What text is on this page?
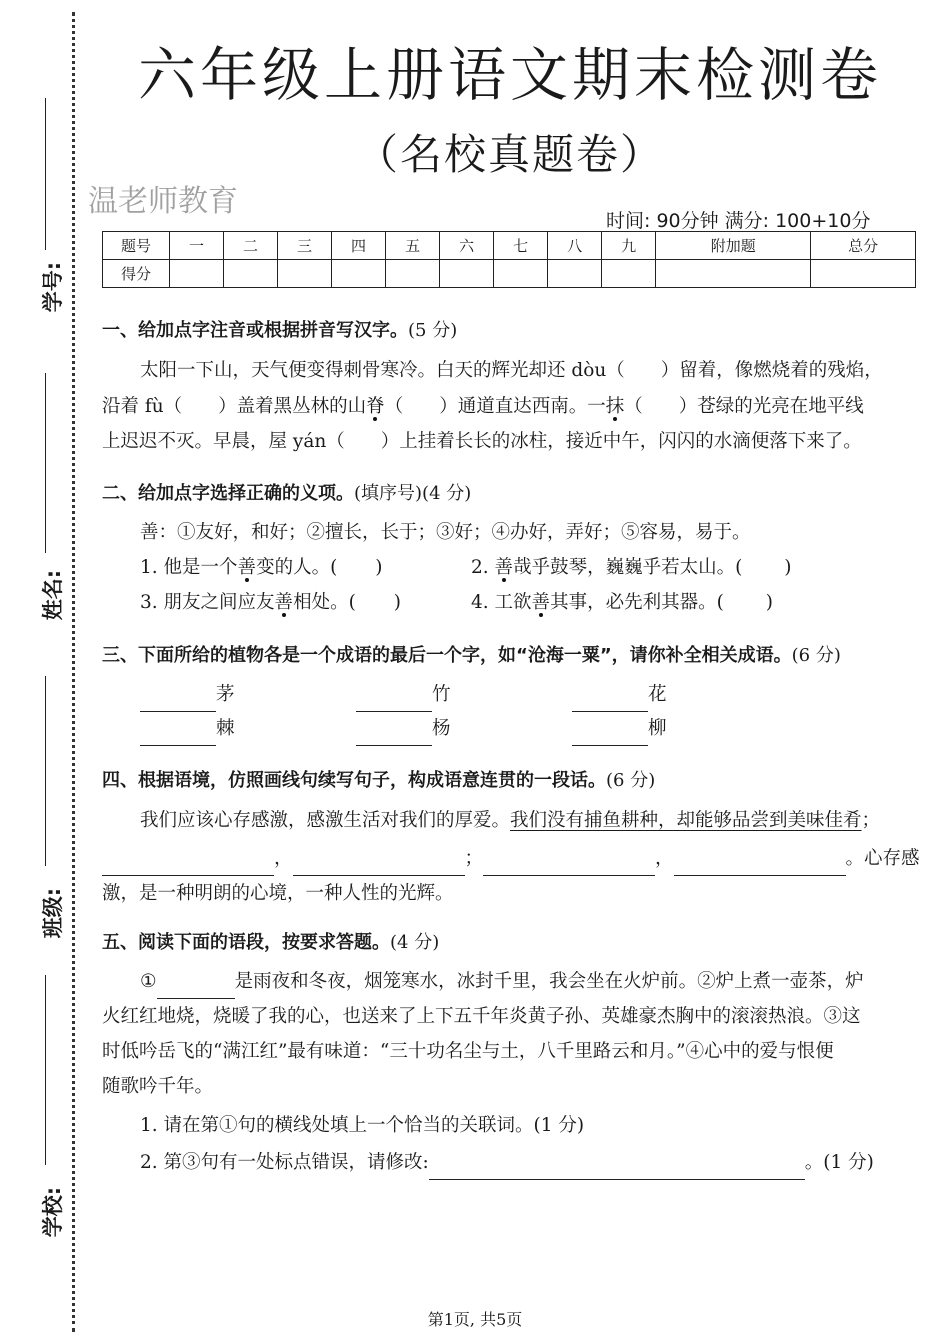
学号:
姓名:
班级:
学校:
六年级上册语文期末检测卷
（名校真题卷）
温老师教育
时间: 90分钟 满分: 100+10分
题号	一	二	三	四	五	六	七	八	九	附加题	总分
得分											
一、给加点字注音或根据拼音写汉字。(5 分)
太阳一下山，天气便变得刺骨寒冷。白天的辉光却还 dòu（ ）留着，像燃烧着的残焰，
沿着 fù（ ）盖着黑丛林的山脊（ ）通道直达西南。一抹（ ）苍绿的光亮在地平线
上迟迟不灭。早晨，屋 yán（ ）上挂着长长的冰柱，接近中午，闪闪的水滴便落下来了。
二、给加点字选择正确的义项。(填序号)(4 分)
善：①友好，和好；②擅长，长于；③好；④办好，弄好；⑤容易，易于。
1. 他是一个善变的人。( )	2. 善哉乎鼓琴，巍巍乎若太山。( )
3. 朋友之间应友善相处。( )	4. 工欲善其事，必先利其器。( )
三、下面所给的植物各是一个成语的最后一个字，如“沧海一粟”，请你补全相关成语。(6 分)
茅	竹	花
棘	杨	柳
四、根据语境，仿照画线句续写句子，构成语意连贯的一段话。(6 分)
我们应该心存感激，感激生活对我们的厚爱。我们没有捕鱼耕种，却能够品尝到美味佳肴；
，	；	，	。心存感
激，是一种明朗的心境，一种人性的光辉。
五、阅读下面的语段，按要求答题。(4 分)
①	是雨夜和冬夜，烟笼寒水，冰封千里，我会坐在火炉前。②炉上煮一壶茶，炉
火红红地烧，烧暖了我的心，也送来了上下五千年炎黄子孙、英雄豪杰胸中的滚滚热浪。③这
时低吟岳飞的“满江红”最有味道：“三十功名尘与土，八千里路云和月。”④心中的爱与恨便
随歌吟千年。
1. 请在第①句的横线处填上一个恰当的关联词。(1 分)
2. 第③句有一处标点错误，请修改:	。(1 分)
第1页, 共5页
